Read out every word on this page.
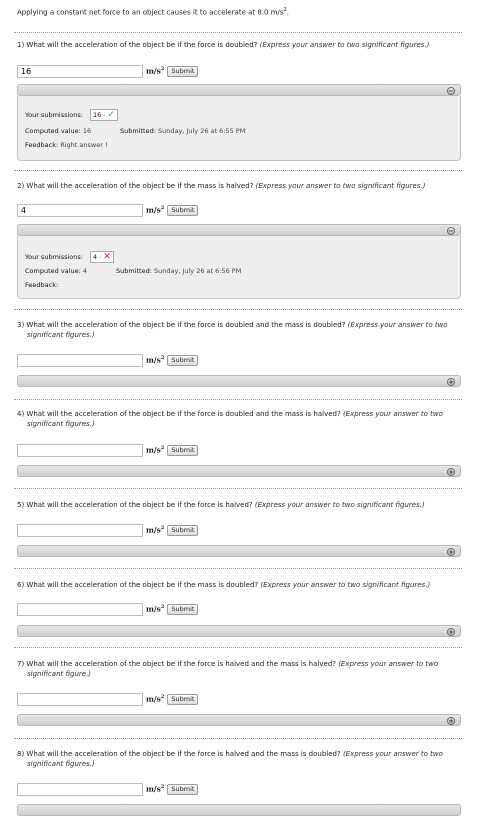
Applying a constant net force to an object causes it to accelerate at 8.0 $m/s^2$.
1) What will the acceleration of the object be if the force is doubled? (Express your answer to two significant figures.)
16	$m/s^2$	Submit
−
Your submissions: 16 ⁞ ✓
Computed value: 16	Submitted: Sunday, July 26 at 6:55 PM
Feedback: Right answer !
2) What will the acceleration of the object be if the mass is halved? (Express your answer to two significant figures.)
4	$m/s^2$	Submit
−
Your submissions: 4 ⁞ ✕
Computed value: 4	Submitted: Sunday, July 26 at 6:56 PM
Feedback:
3) What will the acceleration of the object be if the force is doubled and the mass is doubled? (Express your answer to two significant figures.)
$m/s^2$	Submit
+
4) What will the acceleration of the object be if the force is doubled and the mass is halved? (Express your answer to two significant figures.)
$m/s^2$	Submit
+
5) What will the acceleration of the object be if the force is halved? (Express your answer to two significant figures.)
$m/s^2$	Submit
+
6) What will the acceleration of the object be if the mass is doubled? (Express your answer to two significant figures.)
$m/s^2$	Submit
+
7) What will the acceleration of the object be if the force is halved and the mass is halved? (Express your answer to two significant figure.)
$m/s^2$	Submit
+
8) What will the acceleration of the object be if the force is halved and the mass is doubled? (Express your answer to two significant figures.)
$m/s^2$	Submit
